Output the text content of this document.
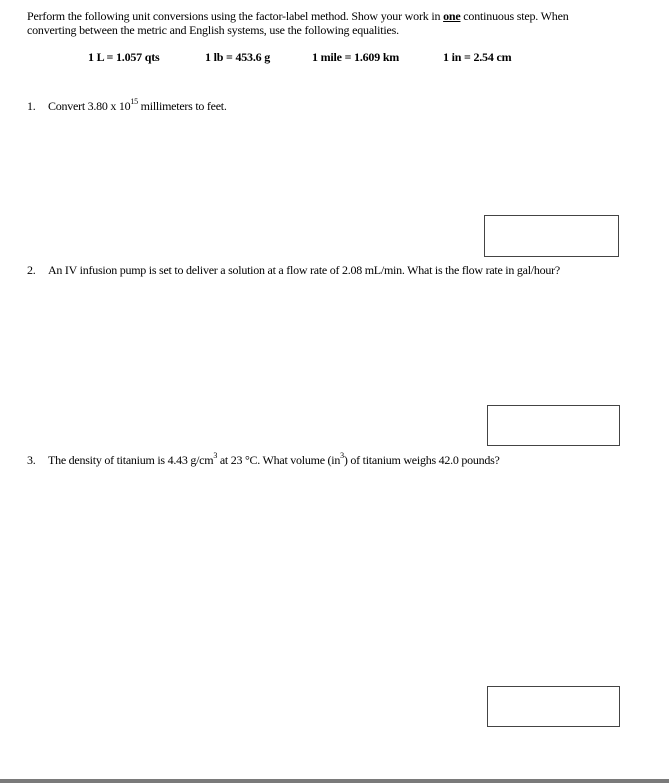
Perform the following unit conversions using the factor-label method. Show your work in one continuous step. When converting between the metric and English systems, use the following equalities.
1 L = 1.057 qts	1 lb = 453.6 g	1 mile = 1.609 km	1 in = 2.54 cm
1. Convert 3.80 x $10^{15}$ millimeters to feet.
2. An IV infusion pump is set to deliver a solution at a flow rate of 2.08 mL/min. What is the flow rate in gal/hour?
3. The density of titanium is 4.43 $g/cm^3$ at 23 °C. What volume $(in^3)$ of titanium weighs 42.0 pounds?
